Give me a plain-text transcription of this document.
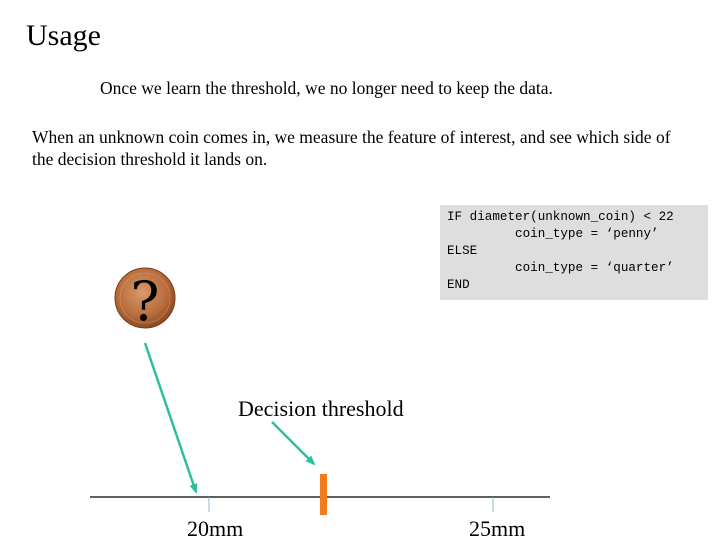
Usage
Once we learn the threshold, we no longer need to keep the data.
When an unknown coin comes in, we measure the feature of interest, and see which side of the decision threshold it lands on.
IF diameter(unknown_coin) < 22
coin_type = ‘penny’
ELSE
coin_type = ‘quarter’
END
?
Decision threshold
20mm	25mm
